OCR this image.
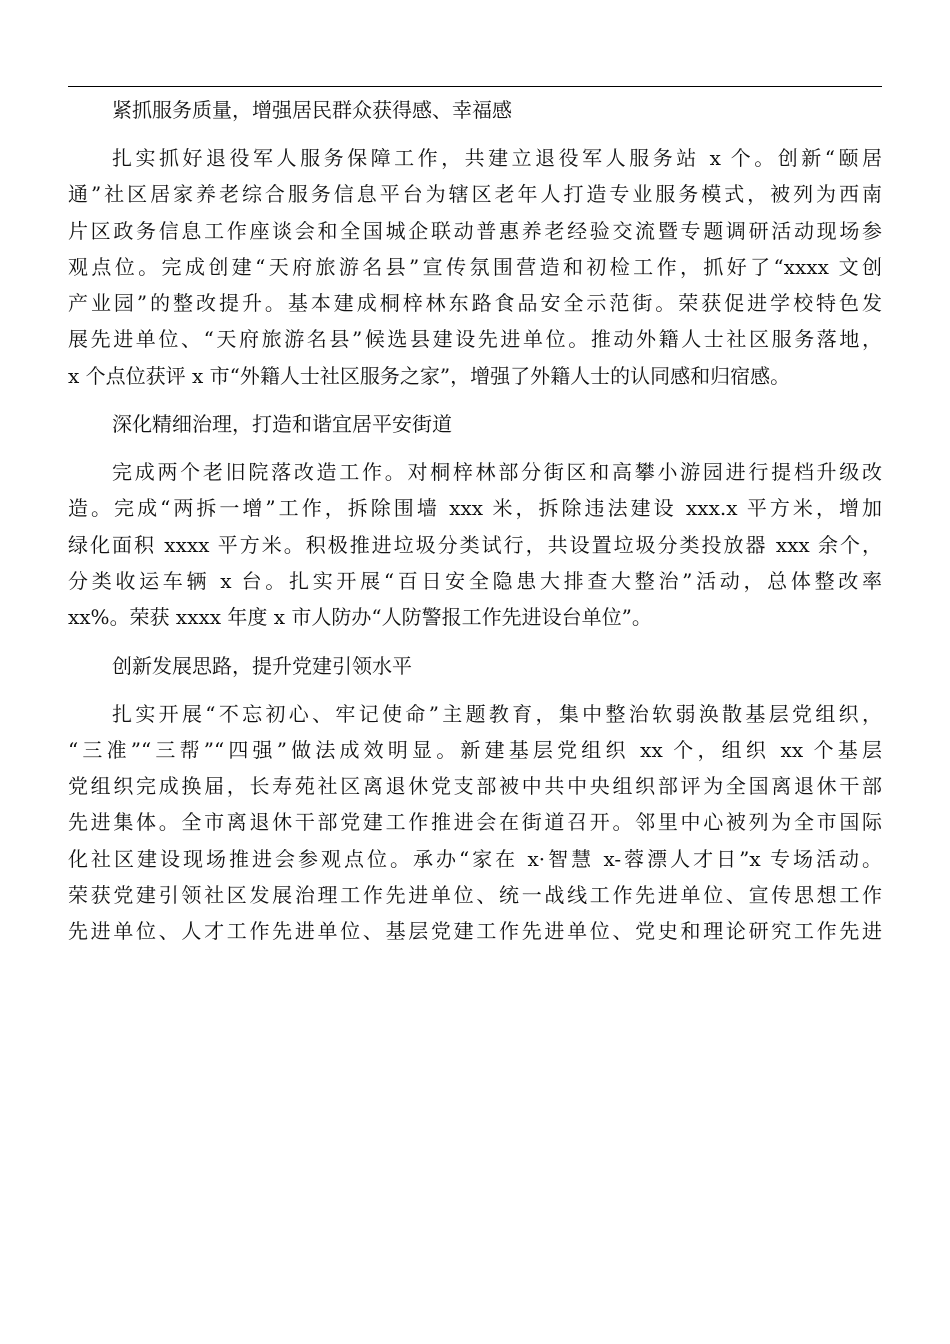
紧抓服务质量，增强居民群众获得感、幸福感
扎实抓好退役军人服务保障工作，共建立退役军人服务站 x 个。创新“颐居
通”社区居家养老综合服务信息平台为辖区老年人打造专业服务模式，被列为西南
片区政务信息工作座谈会和全国城企联动普惠养老经验交流暨专题调研活动现场参
观点位。完成创建“天府旅游名县”宣传氛围营造和初检工作，抓好了“xxxx 文创
产业园”的整改提升。基本建成桐梓林东路食品安全示范街。荣获促进学校特色发
展先进单位、“天府旅游名县”候选县建设先进单位。推动外籍人士社区服务落地，
x 个点位获评 x 市“外籍人士社区服务之家”，增强了外籍人士的认同感和归宿感。
深化精细治理，打造和谐宜居平安街道
完成两个老旧院落改造工作。对桐梓林部分街区和高攀小游园进行提档升级改
造。完成“两拆一增”工作，拆除围墙 xxx 米，拆除违法建设 xxx.x 平方米，增加
绿化面积 xxxx 平方米。积极推进垃圾分类试行，共设置垃圾分类投放器 xxx 余个，
分类收运车辆 x 台。扎实开展“百日安全隐患大排查大整治”活动，总体整改率
xx%。荣获 xxxx 年度 x 市人防办“人防警报工作先进设台单位”。
创新发展思路，提升党建引领水平
扎实开展“不忘初心、牢记使命”主题教育，集中整治软弱涣散基层党组织，
“三准”“三帮”“四强”做法成效明显。新建基层党组织 xx 个，组织 xx 个基层
党组织完成换届，长寿苑社区离退休党支部被中共中央组织部评为全国离退休干部
先进集体。全市离退休干部党建工作推进会在街道召开。邻里中心被列为全市国际
化社区建设现场推进会参观点位。承办“家在 x·智慧 x-蓉漂人才日”x 专场活动。
荣获党建引领社区发展治理工作先进单位、统一战线工作先进单位、宣传思想工作
先进单位、人才工作先进单位、基层党建工作先进单位、党史和理论研究工作先进
